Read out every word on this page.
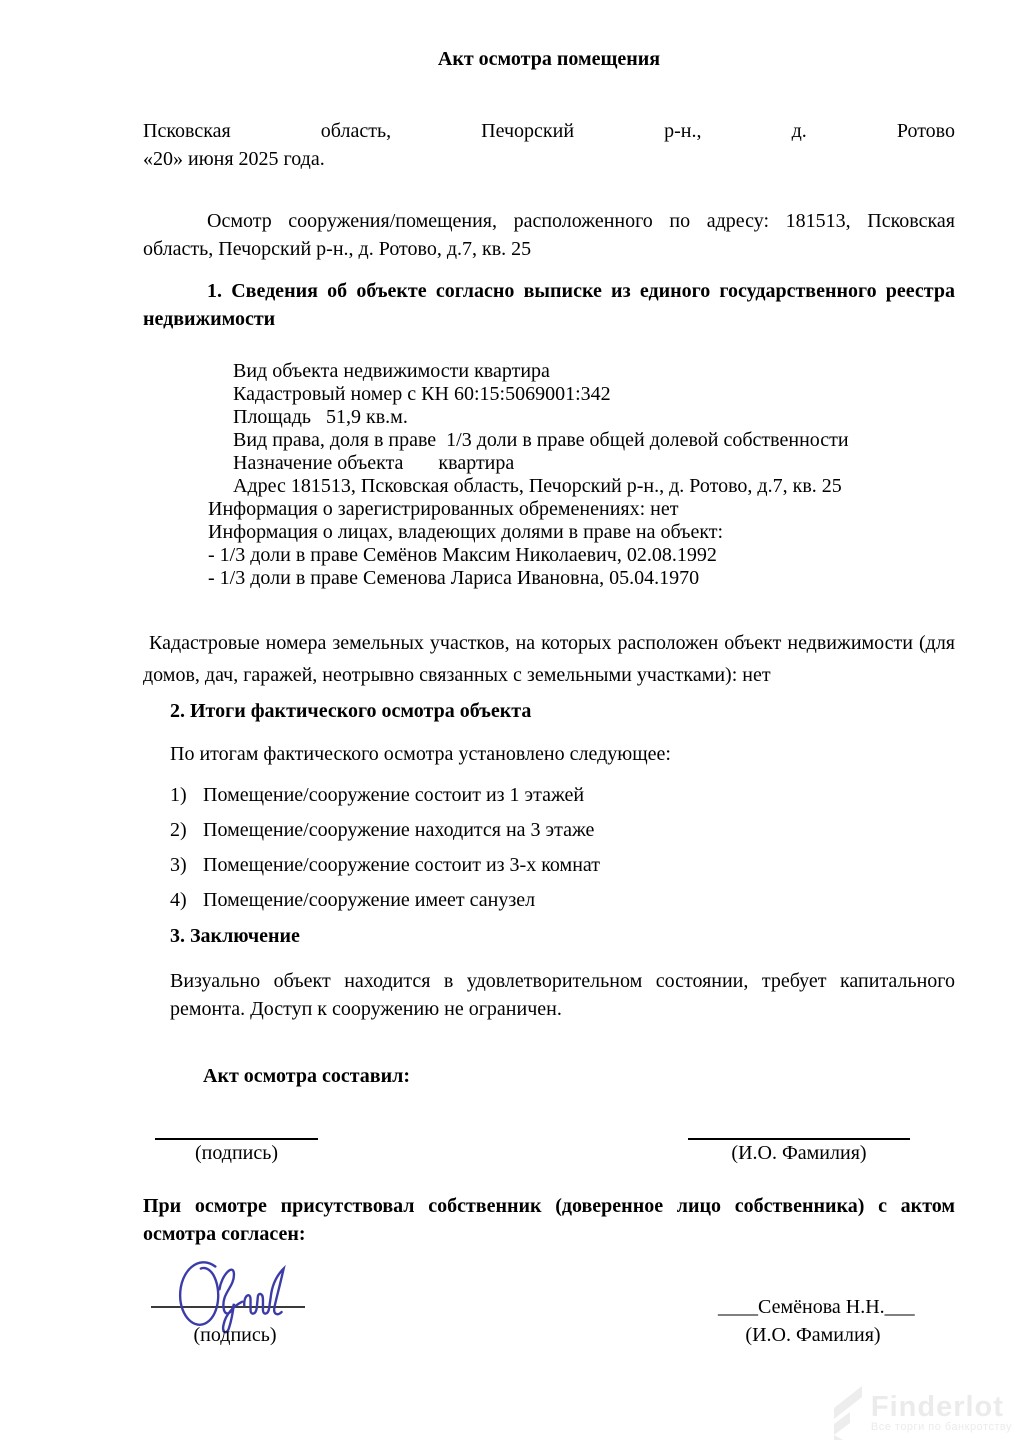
Акт осмотра помещения
Псковская	область,	Печорский	р-н.,	д.	Ротово
«20» июня 2025 года.
Осмотр сооружения/помещения, расположенного по адресу: 181513, Псковская область, Печорский р-н., д. Ротово, д.7, кв. 25
1. Сведения об объекте согласно выписке из единого государственного реестра недвижимости
Вид объекта недвижимости квартира
Кадастровый номер с КН 60:15:5069001:342
Площадь   51,9 кв.м.
Вид права, доля в праве  1/3 доли в праве общей долевой собственности
Назначение объекта       квартира
Адрес 181513, Псковская область, Печорский р-н., д. Ротово, д.7, кв. 25
Информация о зарегистрированных обременениях: нет
Информация о лицах, владеющих долями в праве на объект:
- 1/3 доли в праве Семёнов Максим Николаевич, 02.08.1992
- 1/3 доли в праве Семенова Лариса Ивановна, 05.04.1970
Кадастровые номера земельных участков, на которых расположен объект недвижимости (для домов, дач, гаражей, неотрывно связанных с земельными участками): нет
2. Итоги фактического осмотра объекта
По итогам фактического осмотра установлено следующее:
1) Помещение/сооружение состоит из 1 этажей
2) Помещение/сооружение находится на 3 этаже
3) Помещение/сооружение состоит из 3-х комнат
4) Помещение/сооружение имеет санузел
3. Заключение
Визуально объект находится в удовлетворительном состоянии, требует капитального ремонта. Доступ к сооружению не ограничен.
Акт осмотра составил:
(подпись)	(И.О. Фамилия)
При осмотре присутствовал собственник (доверенное лицо собственника) с актом осмотра согласен:
(подпись)
____Семёнова Н.Н.___
(И.О. Фамилия)
Finderlot
Все торги по банкротству
